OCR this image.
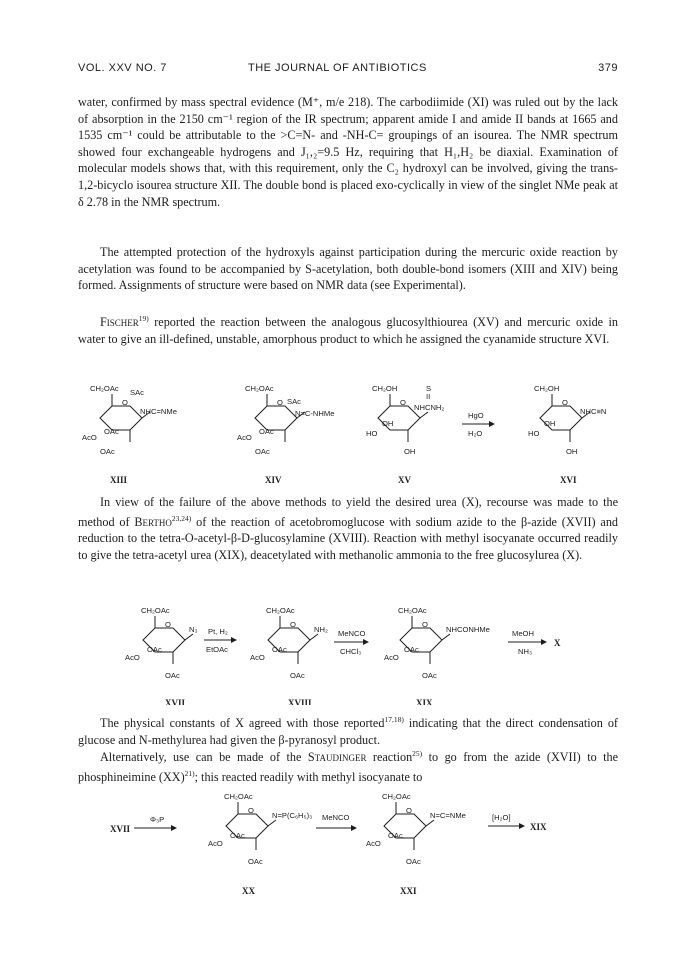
VOL. XXV NO. 7	THE JOURNAL OF ANTIBIOTICS	379

water, confirmed by mass spectral evidence (M⁺, m/e 218). The carbodiimide (XI) was ruled out by the lack of absorption in the 2150 cm⁻¹ region of the IR spectrum; apparent amide I and amide II bands at 1665 and 1535 cm⁻¹ could be attributable to the >C=N- and -NH-C= groupings of an isourea. The NMR spectrum showed four exchangeable hydrogens and J₁,₂=9.5 Hz, requiring that H₁,H₂ be diaxial. Examination of molecular models shows that, with this requirement, only the C₂ hydroxyl can be involved, giving the trans-1,2-bicyclo isourea structure XII. The double bond is placed exo-cyclically in view of the singlet NMe peak at δ 2.78 in the NMR spectrum.

The attempted protection of the hydroxyls against participation during the mercuric oxide reaction by acetylation was found to be accompanied by S-acetylation, both double-bond isomers (XIII and XIV) being formed. Assignments of structure were based on NMR data (see Experimental).

Fischer$^{19)}$ reported the reaction between the analogous glucosylthiourea (XV) and mercuric oxide in water to give an ill-defined, unstable, amorphous product to which he assigned the cyanamide structure XVI.

CH₂OAc SAc
O
NHC=NMe
OAc
AcO
OAc
XIII
CH₂OAc
SAc
O
N=C-NHMe
OAc
AcO
OAc
XIV
CH₂OH	S
II
O
NHCNH₂
OH
HO
OH
XV
HgO
H₂O
CH₂OH
O
NHC≡N
OH
HO
OH
XVI

In view of the failure of the above methods to yield the desired urea (X), recourse was made to the method of Bertho$^{23,24)}$ of the reaction of acetobromoglucose with sodium azide to the β-azide (XVII) and reduction to the tetra-O-acetyl-β-D-glucosylamine (XVIII). Reaction with methyl isocyanate occurred readily to give the tetra-acetyl urea (XIX), deacetylated with methanolic ammonia to the free glucosylurea (X).

CH₂OAc
O
N₃
OAc
AcO
OAc
XVII
Pt, H₂
EtOAc
CH₂OAc
O
NH₂
OAc
AcO
OAc
XVIII
MeNCO
CHCl₃
CH₂OAc
O
NHCONHMe
OAc
AcO
OAc
XIX
MeOH
NH₃
X

The physical constants of X agreed with those reported$^{17,18)}$ indicating that the direct condensation of glucose and N-methylurea had given the β-pyranosyl product.

Alternatively, use can be made of the Staudinger reaction$^{25)}$ to go from the azide (XVII) to the phosphineimine (XX)$^{21)}$; this reacted readily with methyl isocyanate to

XVII
Φ₃P
CH₂OAc
O
N=P(C₆H₅)₃
OAc
AcO
OAc
XX
MeNCO
CH₂OAc
O
N=C=NMe
OAc
AcO
OAc
XXI
[H₂O]
XIX
